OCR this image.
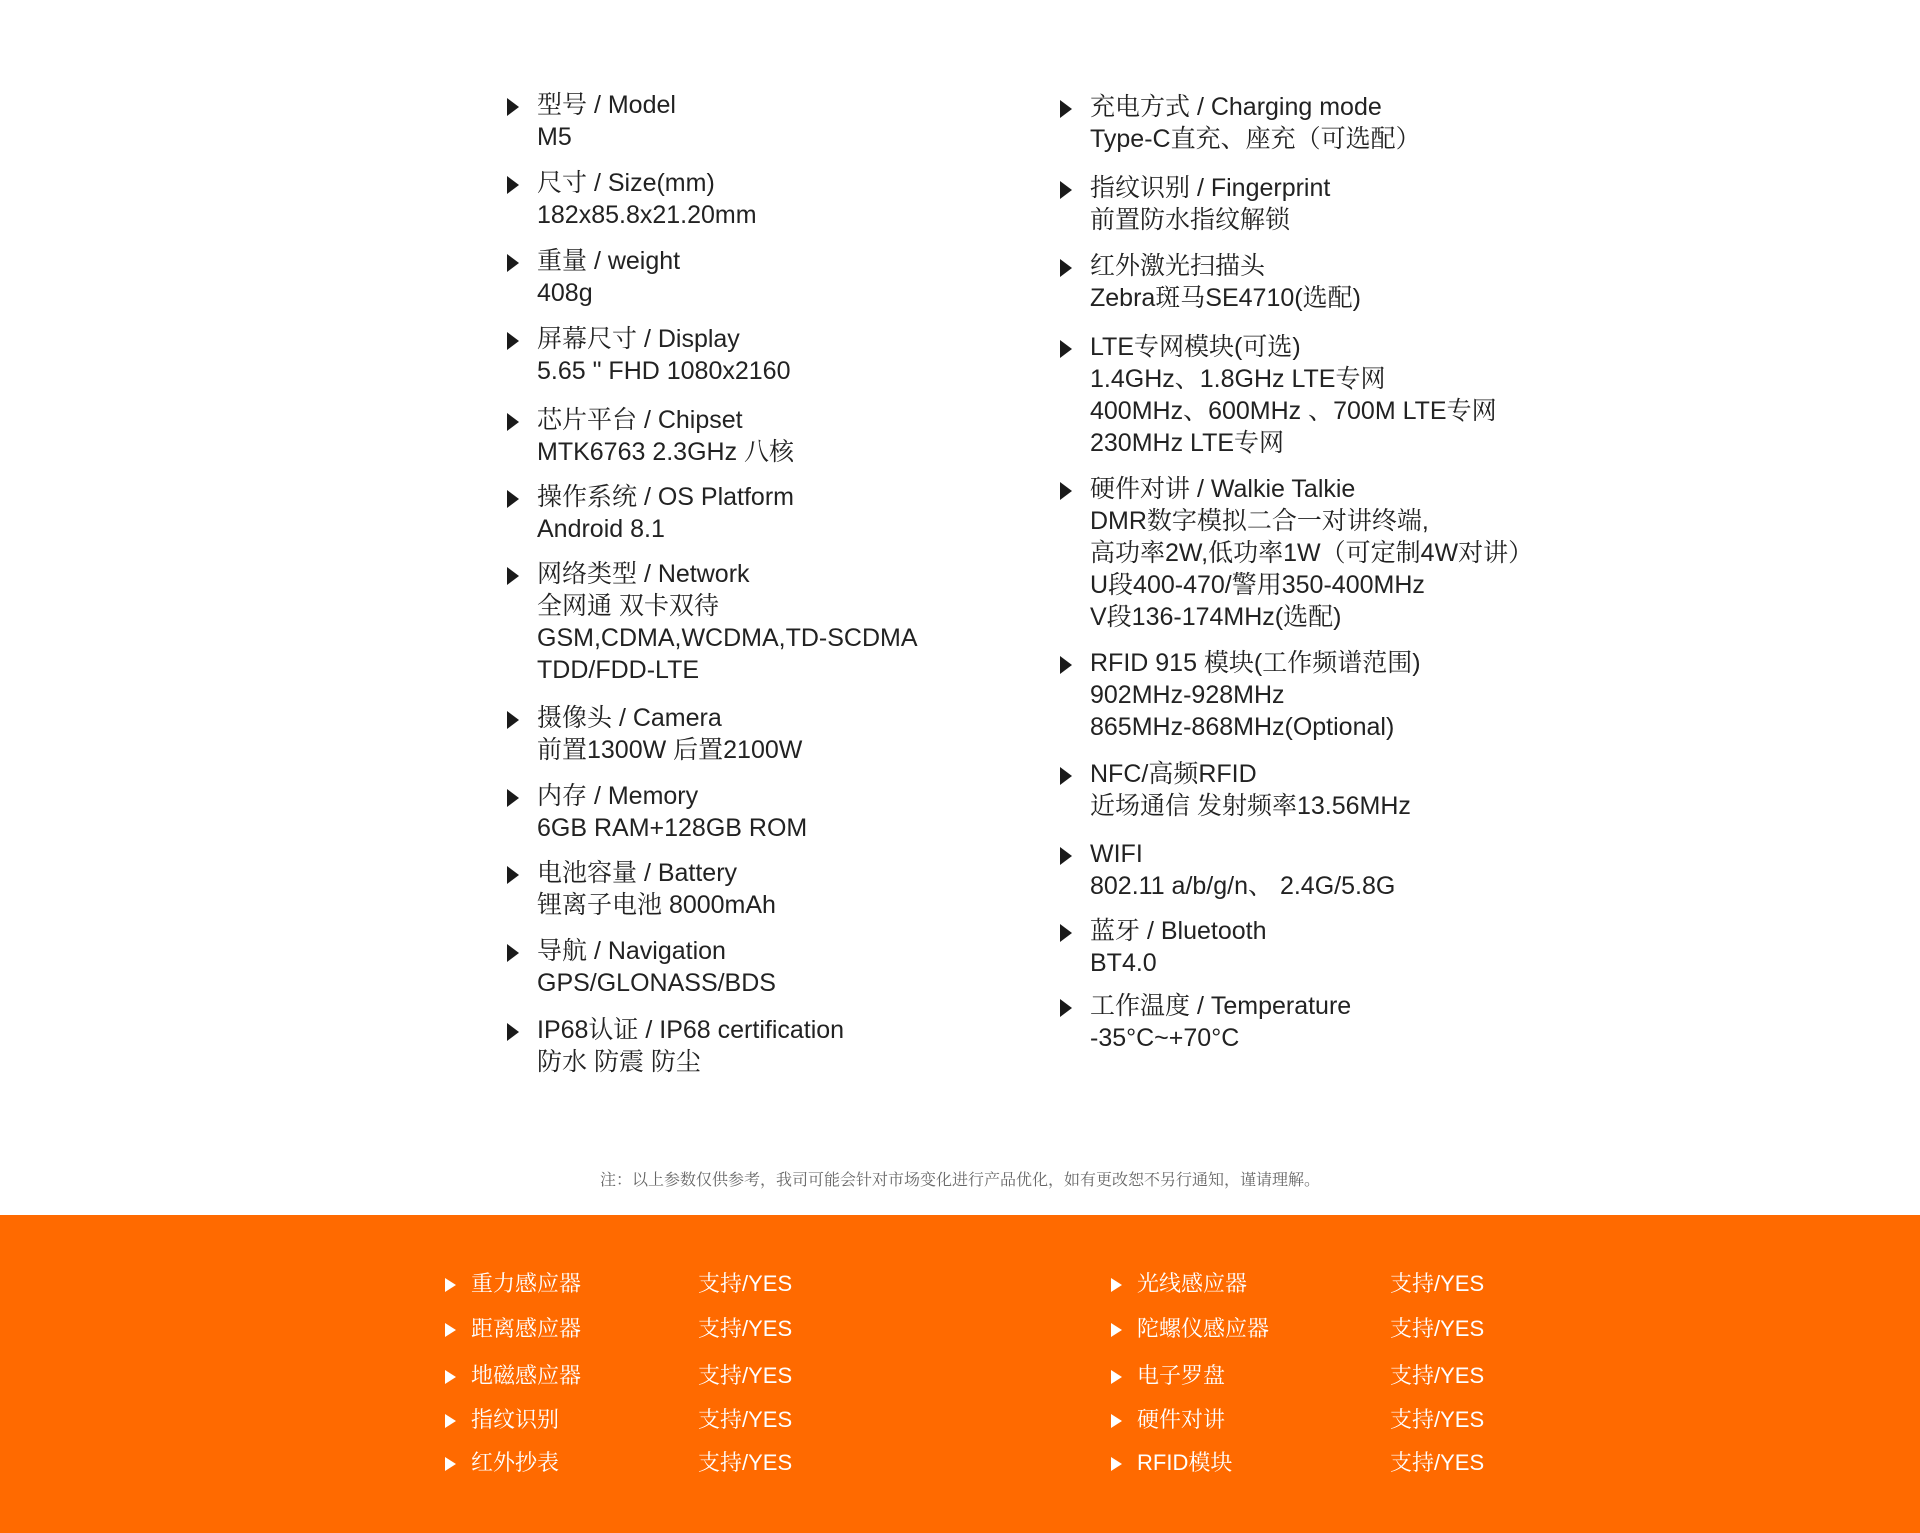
型号 / Model
M5
尺寸 / Size(mm)
182x85.8x21.20mm
重量 / weight
408g
屏幕尺寸 / Display
5.65 " FHD 1080x2160
芯片平台 / Chipset
MTK6763 2.3GHz 八核
操作系统 / OS Platform
Android 8.1
网络类型 / Network
全网通 双卡双待
GSM,CDMA,WCDMA,TD-SCDMA
TDD/FDD-LTE
摄像头 / Camera
前置1300W 后置2100W
内存 / Memory
6GB RAM+128GB ROM
电池容量 / Battery
锂离子电池 8000mAh
导航 / Navigation
GPS/GLONASS/BDS
IP68认证 / IP68 certification
防水 防震 防尘
充电方式 / Charging mode
Type-C直充、座充（可选配）
指纹识别 / Fingerprint
前置防水指纹解锁
红外激光扫描头
Zebra斑马SE4710(选配)
LTE专网模块(可选)
1.4GHz、1.8GHz LTE专网
400MHz、600MHz 、700M LTE专网
230MHz LTE专网
硬件对讲 / Walkie Talkie
DMR数字模拟二合一对讲终端,
高功率2W,低功率1W（可定制4W对讲）
U段400-470/警用350-400MHz
V段136-174MHz(选配)
RFID 915 模块(工作频谱范围)
902MHz-928MHz
865MHz-868MHz(Optional)
NFC/高频RFID
近场通信 发射频率13.56MHz
WIFI
802.11 a/b/g/n、 2.4G/5.8G
蓝牙 / Bluetooth
BT4.0
工作温度 / Temperature
-35°C~+70°C
注：以上参数仅供参考，我司可能会针对市场变化进行产品优化，如有更改恕不另行通知，谨请理解。
重力感应器	支持/YES
距离感应器	支持/YES
地磁感应器	支持/YES
指纹识别	支持/YES
红外抄表	支持/YES
光线感应器	支持/YES
陀螺仪感应器	支持/YES
电子罗盘	支持/YES
硬件对讲	支持/YES
RFID模块	支持/YES
